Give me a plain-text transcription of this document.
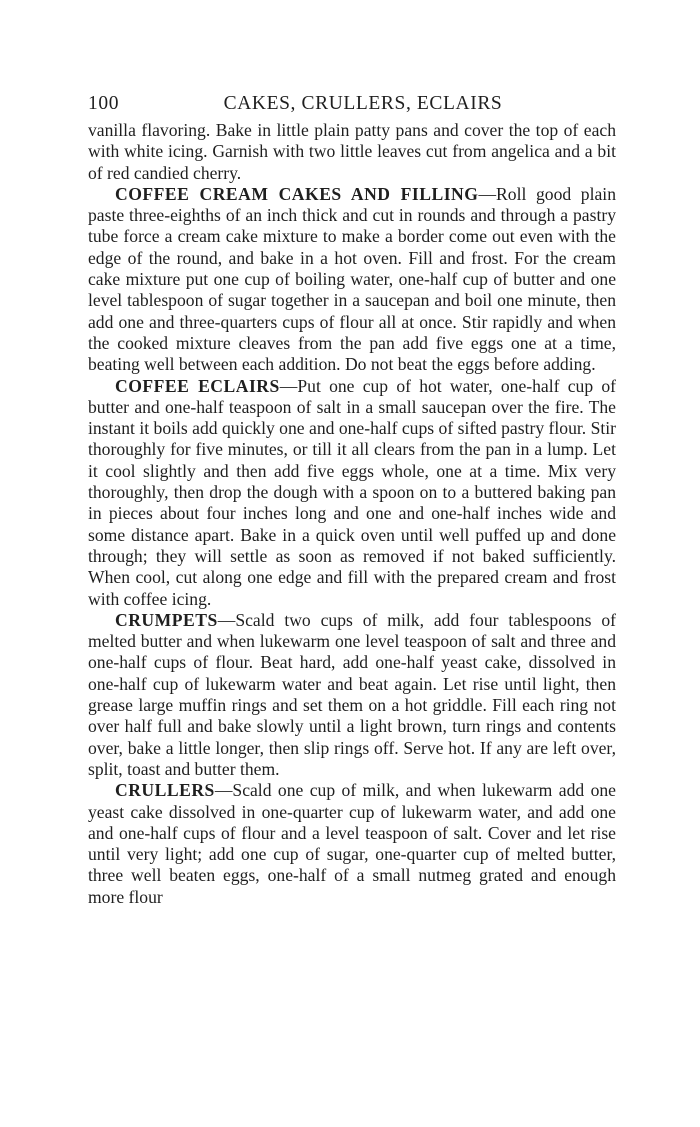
100	CAKES, CRULLERS, ECLAIRS

vanilla flavoring. Bake in little plain patty pans and cover the top of each with white icing. Garnish with two little leaves cut from angelica and a bit of red candied cherry.

COFFEE CREAM CAKES AND FILLING—Roll good plain paste three-eighths of an inch thick and cut in rounds and through a pastry tube force a cream cake mixture to make a border come out even with the edge of the round, and bake in a hot oven. Fill and frost. For the cream cake mixture put one cup of boiling water, one-half cup of butter and one level tablespoon of sugar together in a saucepan and boil one minute, then add one and three-quarters cups of flour all at once. Stir rapidly and when the cooked mixture cleaves from the pan add five eggs one at a time, beating well between each addition. Do not beat the eggs before adding.

COFFEE ECLAIRS—Put one cup of hot water, one-half cup of butter and one-half teaspoon of salt in a small saucepan over the fire. The instant it boils add quickly one and one-half cups of sifted pastry flour. Stir thoroughly for five minutes, or till it all clears from the pan in a lump. Let it cool slightly and then add five eggs whole, one at a time. Mix very thoroughly, then drop the dough with a spoon on to a buttered baking pan in pieces about four inches long and one and one-half inches wide and some distance apart. Bake in a quick oven until well puffed up and done through; they will settle as soon as removed if not baked sufficiently. When cool, cut along one edge and fill with the prepared cream and frost with coffee icing.

CRUMPETS—Scald two cups of milk, add four tablespoons of melted butter and when lukewarm one level teaspoon of salt and three and one-half cups of flour. Beat hard, add one-half yeast cake, dissolved in one-half cup of lukewarm water and beat again. Let rise until light, then grease large muffin rings and set them on a hot griddle. Fill each ring not over half full and bake slowly until a light brown, turn rings and contents over, bake a little longer, then slip rings off. Serve hot. If any are left over, split, toast and butter them.

CRULLERS—Scald one cup of milk, and when lukewarm add one yeast cake dissolved in one-quarter cup of lukewarm water, and add one and one-half cups of flour and a level teaspoon of salt. Cover and let rise until very light; add one cup of sugar, one-quarter cup of melted butter, three well beaten eggs, one-half of a small nutmeg grated and enough more flour
